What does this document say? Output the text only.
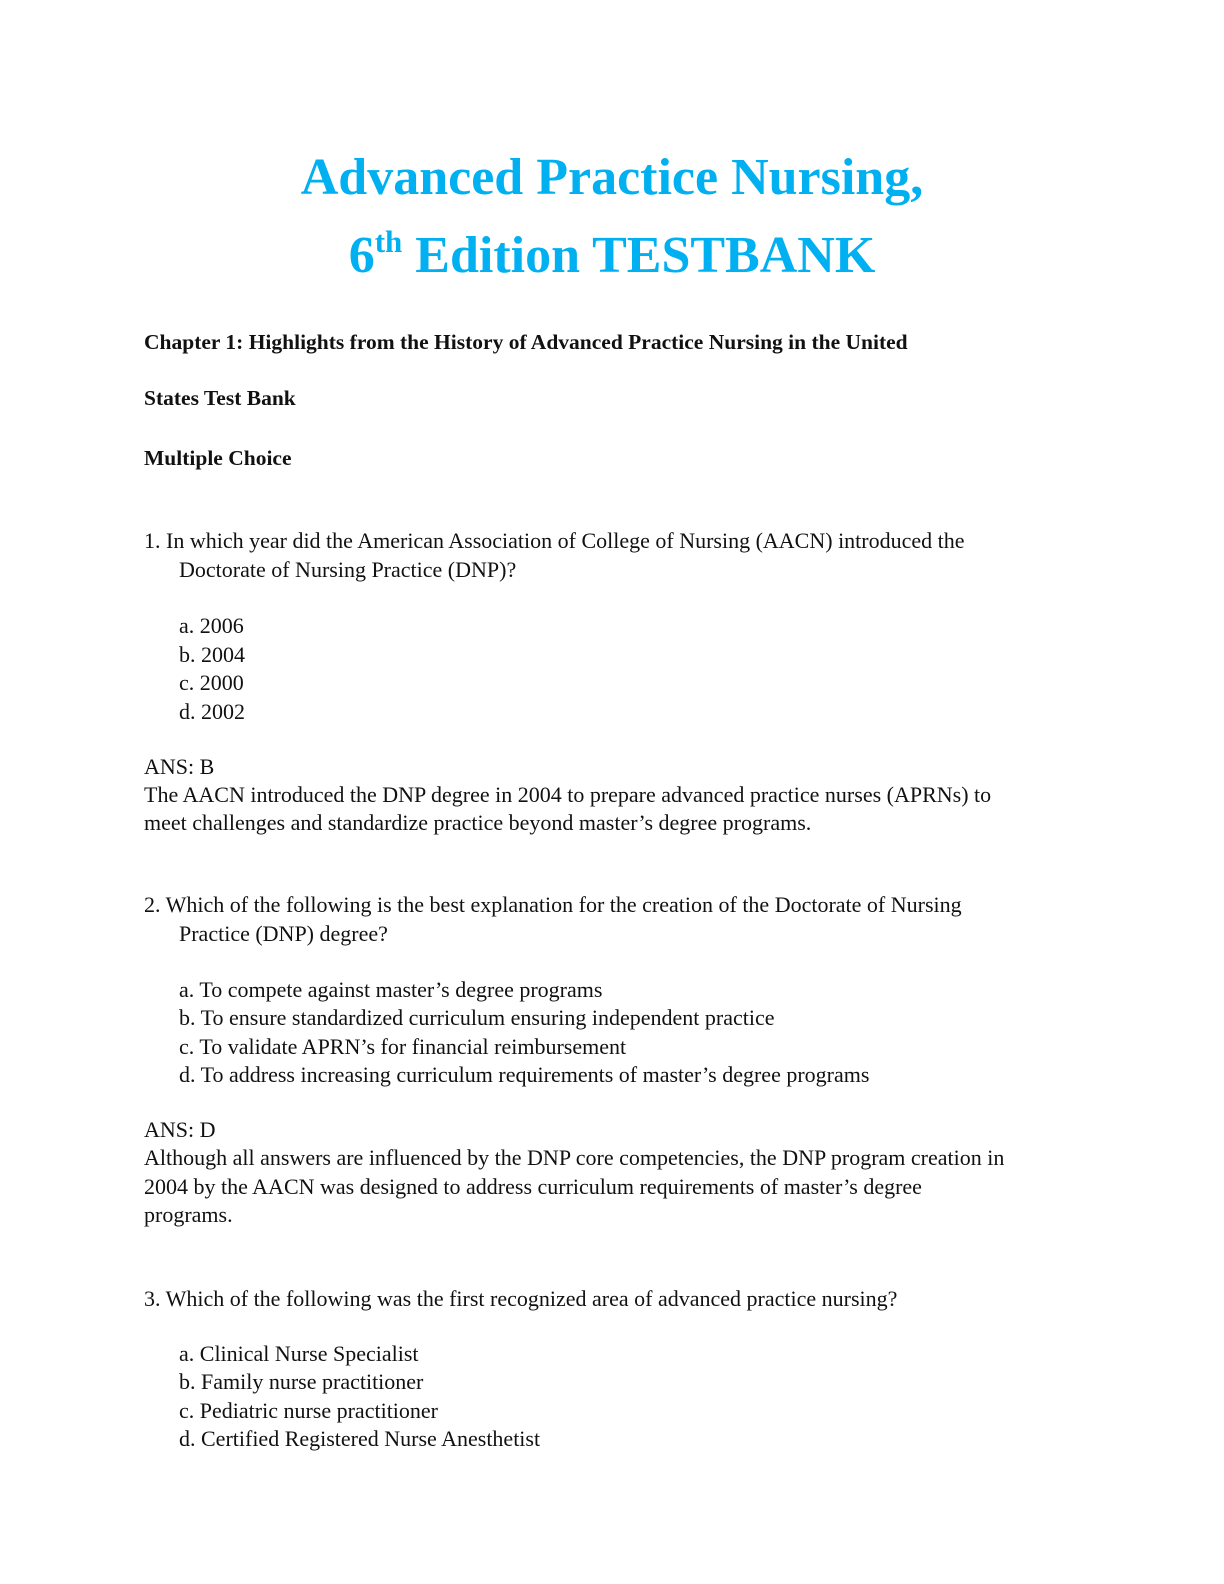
Advanced Practice Nursing,
6th Edition TESTBANK
Chapter 1: Highlights from the History of Advanced Practice Nursing in the United
States Test Bank
Multiple Choice
1. In which year did the American Association of College of Nursing (AACN) introduced the
Doctorate of Nursing Practice (DNP)?
a. 2006
b. 2004
c. 2000
d. 2002
ANS: B
The AACN introduced the DNP degree in 2004 to prepare advanced practice nurses (APRNs) to
meet challenges and standardize practice beyond master’s degree programs.
2. Which of the following is the best explanation for the creation of the Doctorate of Nursing
Practice (DNP) degree?
a. To compete against master’s degree programs
b. To ensure standardized curriculum ensuring independent practice
c. To validate APRN’s for financial reimbursement
d. To address increasing curriculum requirements of master’s degree programs
ANS: D
Although all answers are influenced by the DNP core competencies, the DNP program creation in
2004 by the AACN was designed to address curriculum requirements of master’s degree
programs.
3. Which of the following was the first recognized area of advanced practice nursing?
a. Clinical Nurse Specialist
b. Family nurse practitioner
c. Pediatric nurse practitioner
d. Certified Registered Nurse Anesthetist
